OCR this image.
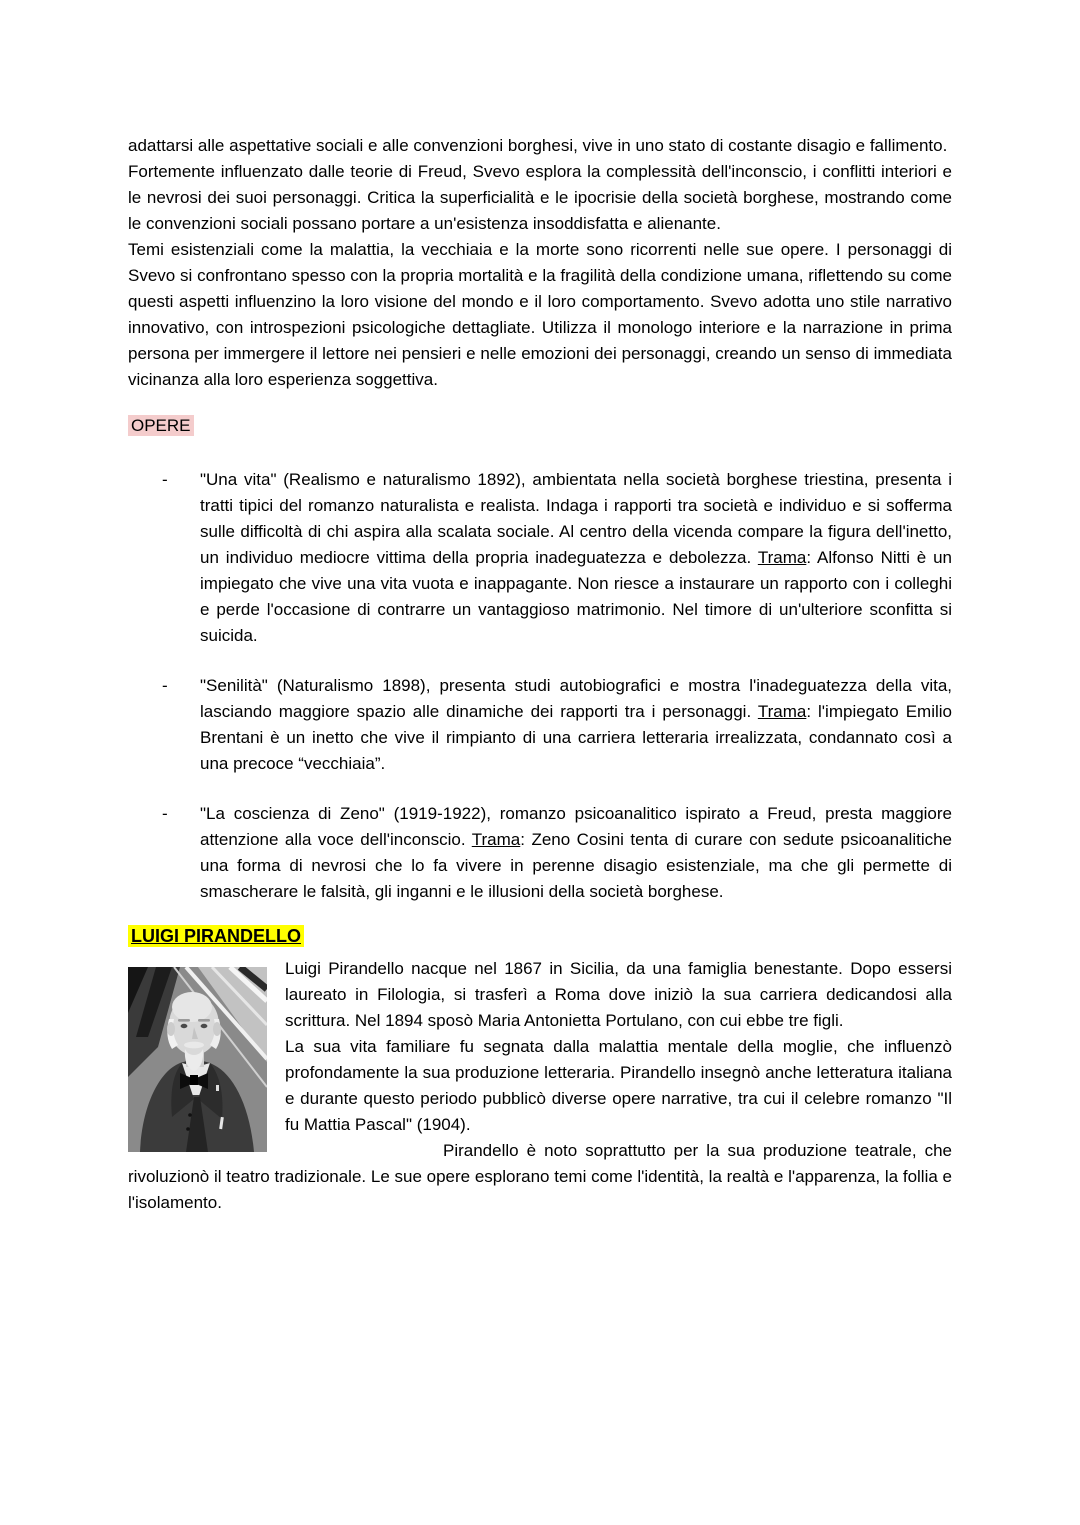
adattarsi alle aspettative sociali e alle convenzioni borghesi, vive in uno stato di costante disagio e fallimento.

Fortemente influenzato dalle teorie di Freud, Svevo esplora la complessità dell'inconscio, i conflitti interiori e le nevrosi dei suoi personaggi. Critica la superficialità e le ipocrisie della società borghese, mostrando come le convenzioni sociali possano portare a un'esistenza insoddisfatta e alienante.

Temi esistenziali come la malattia, la vecchiaia e la morte sono ricorrenti nelle sue opere. I personaggi di Svevo si confrontano spesso con la propria mortalità e la fragilità della condizione umana, riflettendo su come questi aspetti influenzino la loro visione del mondo e il loro comportamento. Svevo adotta uno stile narrativo innovativo, con introspezioni psicologiche dettagliate. Utilizza il monologo interiore e la narrazione in prima persona per immergere il lettore nei pensieri e nelle emozioni dei personaggi, creando un senso di immediata vicinanza alla loro esperienza soggettiva.

OPERE
- "Una vita" (Realismo e naturalismo 1892), ambientata nella società borghese triestina, presenta i tratti tipici del romanzo naturalista e realista. Indaga i rapporti tra società e individuo e si sofferma sulle difficoltà di chi aspira alla scalata sociale. Al centro della vicenda compare la figura dell'inetto, un individuo mediocre vittima della propria inadeguatezza e debolezza. Trama: Alfonso Nitti è un impiegato che vive una vita vuota e inappagante. Non riesce a instaurare un rapporto con i colleghi e perde l'occasione di contrarre un vantaggioso matrimonio. Nel timore di un'ulteriore sconfitta si suicida.
- "Senilità" (Naturalismo 1898), presenta studi autobiografici e mostra l'inadeguatezza della vita, lasciando maggiore spazio alle dinamiche dei rapporti tra i personaggi. Trama: l'impiegato Emilio Brentani è un inetto che vive il rimpianto di una carriera letteraria irrealizzata, condannato così a una precoce “vecchiaia”.
- "La coscienza di Zeno" (1919-1922), romanzo psicoanalitico ispirato a Freud, presta maggiore attenzione alla voce dell'inconscio. Trama: Zeno Cosini tenta di curare con sedute psicoanalitiche una forma di nevrosi che lo fa vivere in perenne disagio esistenziale, ma che gli permette di smascherare le falsità, gli inganni e le illusioni della società borghese.
LUIGI PIRANDELLO

Luigi Pirandello nacque nel 1867 in Sicilia, da una famiglia benestante. Dopo essersi laureato in Filologia, si trasferì a Roma dove iniziò la sua carriera dedicandosi alla scrittura. Nel 1894 sposò Maria Antonietta Portulano, con cui ebbe tre figli.

La sua vita familiare fu segnata dalla malattia mentale della moglie, che influenzò profondamente la sua produzione letteraria. Pirandello insegnò anche letteratura italiana e durante questo periodo pubblicò diverse opere narrative, tra cui il celebre romanzo "Il fu Mattia Pascal" (1904).

Pirandello è noto soprattutto per la sua produzione teatrale, che rivoluzionò il teatro tradizionale. Le sue opere esplorano temi come l'identità, la realtà e l'apparenza, la follia e l'isolamento.
